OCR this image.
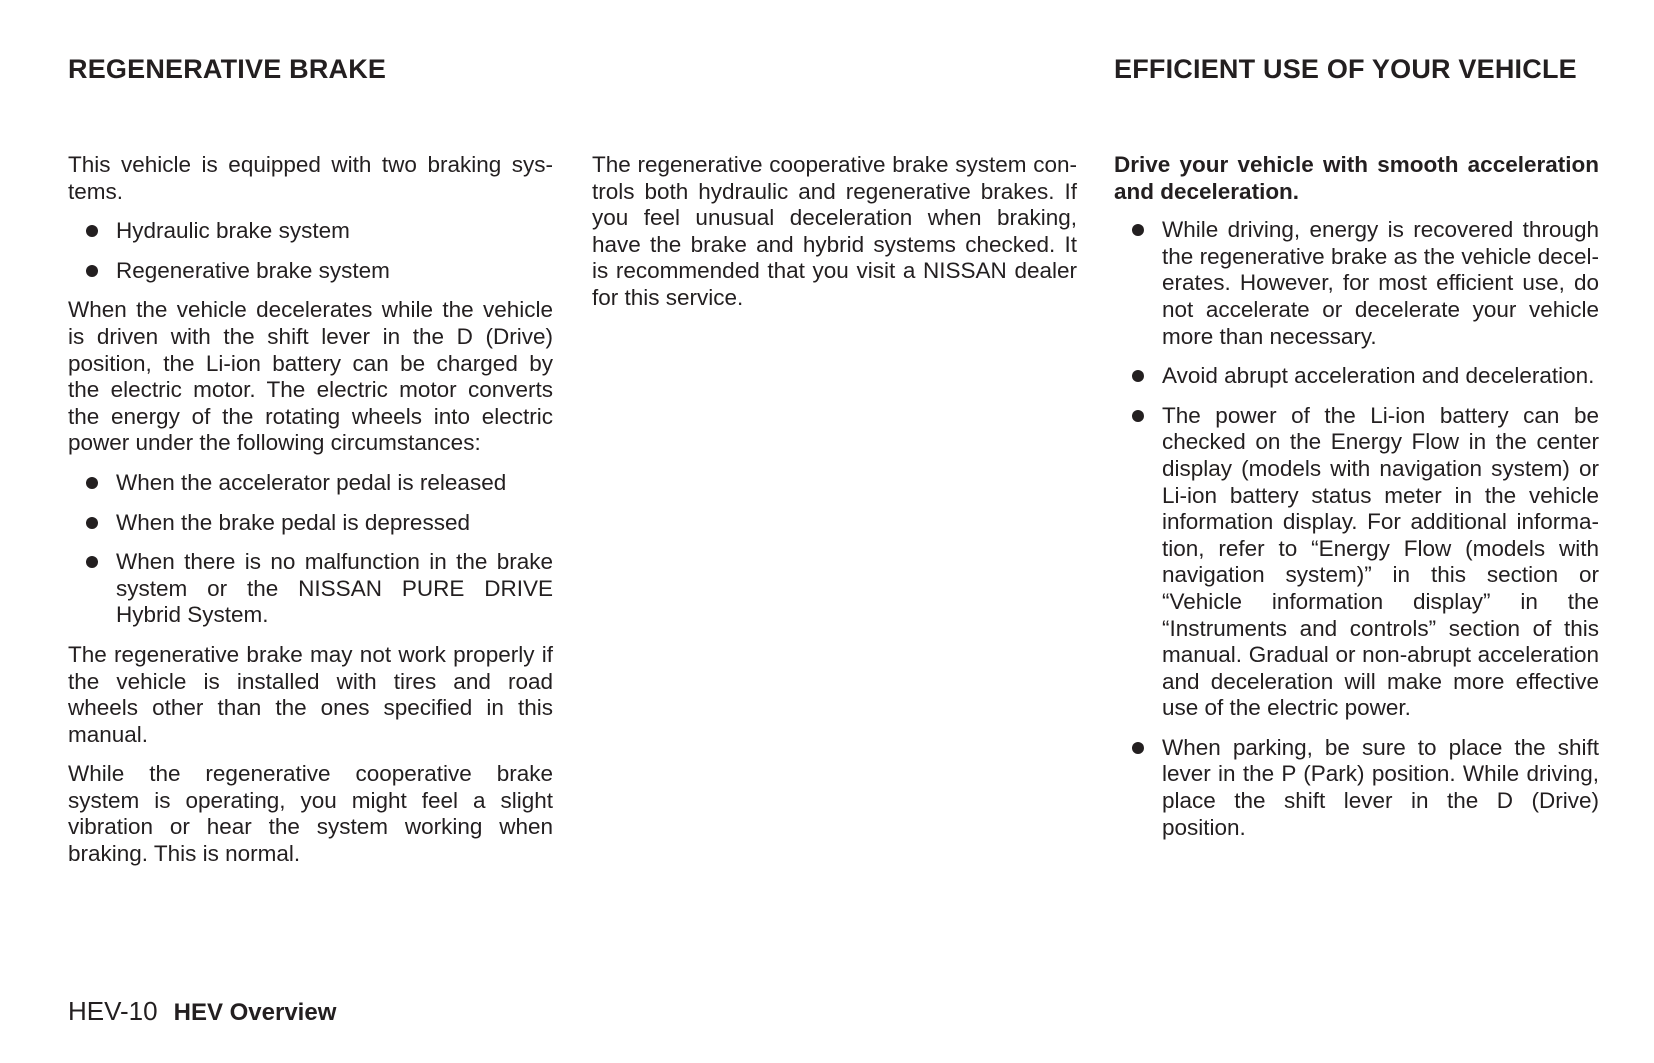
REGENERATIVE BRAKE	EFFICIENT USE OF YOUR VEHICLE

This vehicle is equipped with two braking systems.

Hydraulic brake system
Regenerative brake system

When the vehicle decelerates while the vehicle is driven with the shift lever in the D (Drive) position, the Li-ion battery can be charged by the electric motor. The electric motor converts the energy of the rotating wheels into electric power under the following circumstances:

When the accelerator pedal is released
When the brake pedal is depressed
When there is no malfunction in the brake system or the NISSAN PURE DRIVE Hybrid System.

The regenerative brake may not work properly if the vehicle is installed with tires and road wheels other than the ones specified in this manual.

While the regenerative cooperative brake system is operating, you might feel a slight vibration or hear the system working when braking. This is normal.

The regenerative cooperative brake system controls both hydraulic and regenerative brakes. If you feel unusual deceleration when braking, have the brake and hybrid systems checked. It is recommended that you visit a NISSAN dealer for this service.

Drive your vehicle with smooth acceleration and deceleration.

While driving, energy is recovered through the regenerative brake as the vehicle decelerates. However, for most efficient use, do not accelerate or decelerate your vehicle more than necessary.
Avoid abrupt acceleration and deceleration.
The power of the Li-ion battery can be checked on the Energy Flow in the center display (models with navigation system) or Li-ion battery status meter in the vehicle information display. For additional information, refer to “Energy Flow (models with navigation system)” in this section or “Vehicle information display” in the “Instruments and controls” section of this manual. Gradual or non-abrupt acceleration and deceleration will make more effective use of the electric power.
When parking, be sure to place the shift lever in the P (Park) position. While driving, place the shift lever in the D (Drive) position.
HEV-10 HEV Overview
